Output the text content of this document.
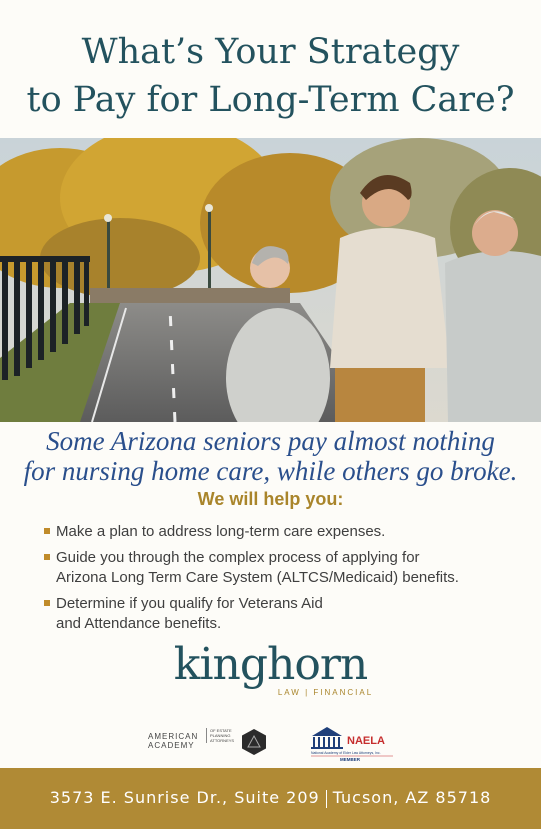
What’s Your Strategy
to Pay for Long-Term Care?
Some Arizona seniors pay almost nothing
for nursing home care, while others go broke.
We will help you:
Make a plan to address long-term care expenses.
Guide you through the complex process of applying for
Arizona Long Term Care System (ALTCS/Medicaid) benefits.
Determine if you qualify for Veterans Aid
and Attendance benefits.
kinghorn
LAW | FINANCIAL
AMERICAN
ACADEMY
OF ESTATE
PLANNING
ATTORNEYS	NAELA
National Academy of Elder Law Attorneys, Inc.
MEMBER
3573 E. Sunrise Dr., Suite 209 Tucson, AZ 85718
